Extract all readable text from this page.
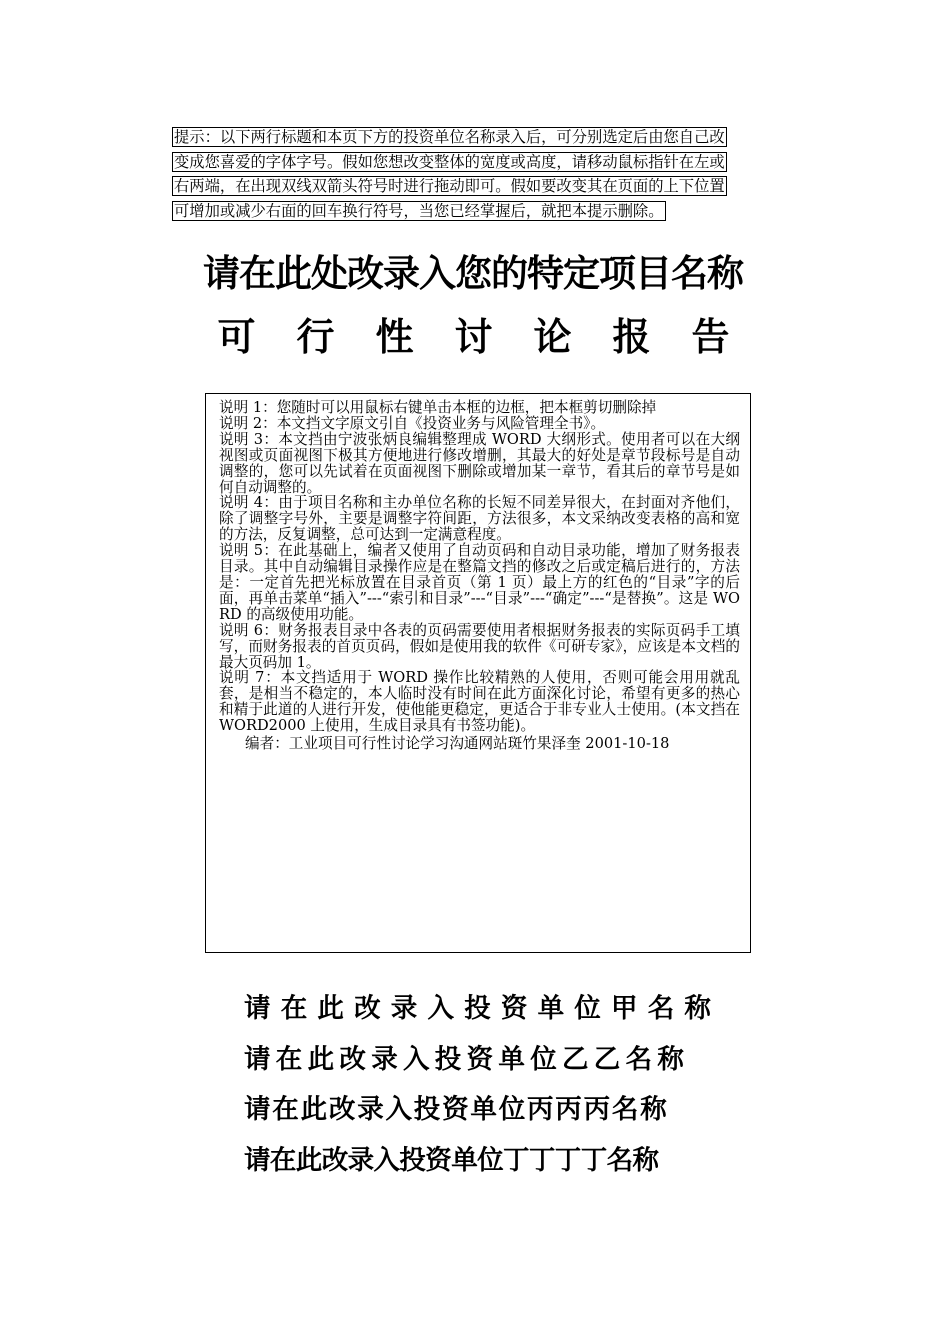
提示：以下两行标题和本页下方的投资单位名称录入后，可分别选定后由您自己改
变成您喜爱的字体字号。假如您想改变整体的宽度或高度，请移动鼠标指针在左或
右两端，在出现双线双箭头符号时进行拖动即可。假如要改变其在页面的上下位置
可增加或减少右面的回车换行符号，当您已经掌握后，就把本提示删除。
请在此处改录入您的特定项目名称
可行性讨论报告

说明 1：您随时可以用鼠标右键单击本框的边框，把本框剪切删除掉

说明 2：本文挡文字原文引自《投资业务与风险管理全书》。

说明 3：本文挡由宁波张炳良编辑整理成 WORD 大纲形式。使用者可以在大纲视图或页面视图下极其方便地进行修改增删，其最大的好处是章节段标号是自动调整的，您可以先试着在页面视图下删除或增加某一章节，看其后的章节号是如何自动调整的。

说明 4：由于项目名称和主办单位名称的长短不同差异很大，在封面对齐他们，除了调整字号外，主要是调整字符间距，方法很多，本文采纳改变表格的高和宽的方法，反复调整，总可达到一定满意程度。

说明 5：在此基础上，编者又使用了自动页码和自动目录功能，增加了财务报表目录。其中自动编辑目录操作应是在整篇文挡的修改之后或定稿后进行的，方法是：一定首先把光标放置在目录首页（第 1 页）最上方的红色的“目录”字的后面，再单击菜单“插入”---“索引和目录”---“目录”---“确定”---“是替换”。这是 WORD 的高级使用功能。

说明 6：财务报表目录中各表的页码需要使用者根据财务报表的实际页码手工填写，而财务报表的首页页码，假如是使用我的软件《可研专家》，应该是本文档的最大页码加 1。

说明 7：本文挡适用于 WORD 操作比较精熟的人使用，否则可能会用用就乱套，是相当不稳定的，本人临时没有时间在此方面深化讨论，希望有更多的热心和精于此道的人进行开发，使他能更稳定，更适合于非专业人士使用。(本文挡在 WORD2000 上使用，生成目录具有书签功能)。

编者：工业项目可行性讨论学习沟通网站斑竹果泽奎 2001-10-18

请在此改录入投资单位甲名称
请在此改录入投资单位乙乙名称
请在此改录入投资单位丙丙丙名称
请在此改录入投资单位丁丁丁丁名称
